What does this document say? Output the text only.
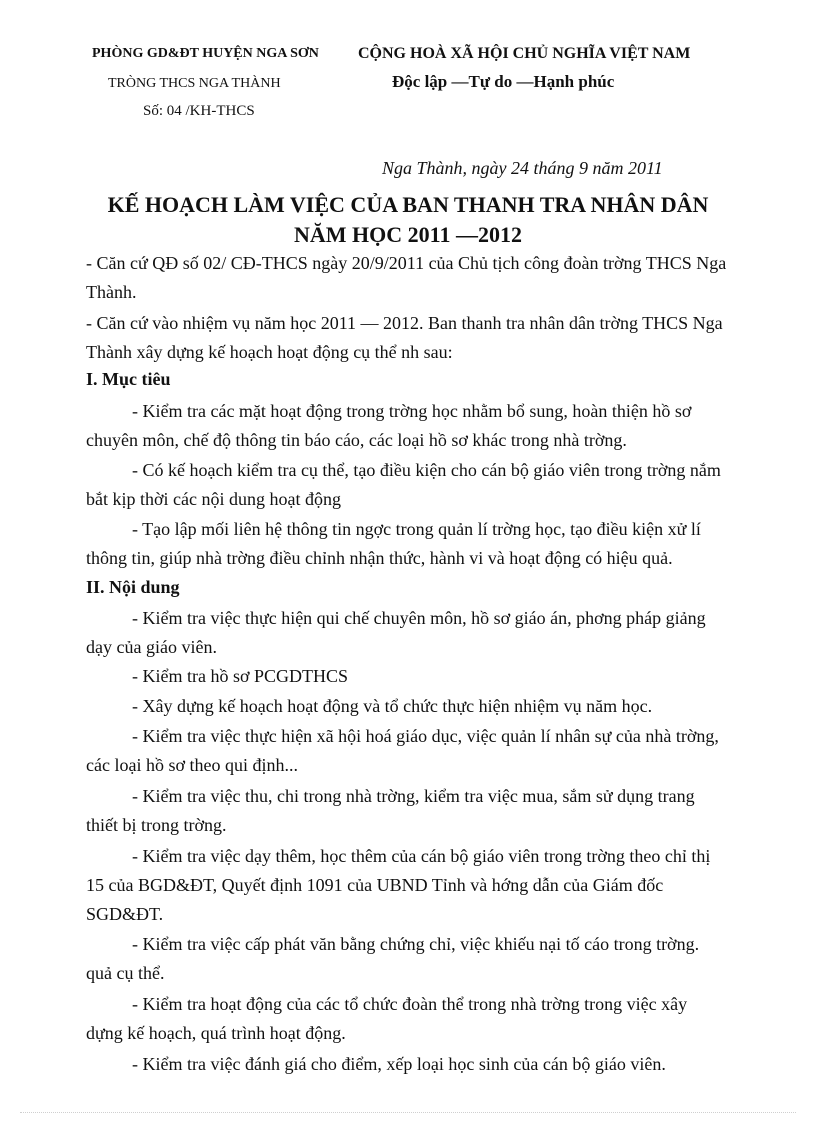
PHÒNG GD&ĐT HUYỆN NGA SƠN
TRÒNG THCS NGA THÀNH
Số: 04 /KH-THCS
CỘNG HOÀ XÃ HỘI CHỦ NGHĨA VIỆT NAM
Độc lập —Tự do —Hạnh phúc
Nga Thành, ngày 24 tháng 9 năm 2011
KẾ HOẠCH LÀM VIỆC CỦA BAN THANH TRA NHÂN DÂN
NĂM HỌC 2011 —2012
- Căn cứ QĐ số 02/ CĐ-THCS ngày 20/9/2011 của Chủ tịch công đoàn trờng THCS Nga
Thành.
- Căn cứ vào nhiệm vụ năm học 2011 — 2012. Ban thanh tra nhân dân trờng THCS Nga
Thành xây dựng kế hoạch hoạt động cụ thể nh sau:
I. Mục tiêu
- Kiểm tra các mặt hoạt động trong trờng học nhằm bổ sung, hoàn thiện hồ sơ
chuyên môn, chế độ thông tin báo cáo, các loại hồ sơ khác trong nhà trờng.
- Có kế hoạch kiểm tra cụ thể, tạo điều kiện cho cán bộ giáo viên trong trờng nắm
bắt kịp thời các nội dung hoạt động
- Tạo lập mối liên hệ thông tin ngợc trong quản lí trờng học, tạo điều kiện xử lí
thông tin, giúp nhà trờng điều chỉnh nhận thức, hành vi và hoạt động có hiệu quả.
II. Nội dung
- Kiểm tra việc thực hiện qui chế chuyên môn, hồ sơ giáo án, phơng pháp giảng
dạy của giáo viên.
- Kiểm tra hồ sơ PCGDTHCS
- Xây dựng kế hoạch hoạt động và tổ chức thực hiện nhiệm vụ năm học.
- Kiểm tra việc thực hiện xã hội hoá giáo dục, việc quản lí nhân sự của nhà trờng,
các loại hồ sơ theo qui định...
- Kiểm tra việc thu, chi trong nhà trờng, kiểm tra việc mua, sắm sử dụng trang
thiết bị trong trờng.
- Kiểm tra việc dạy thêm, học thêm của cán bộ giáo viên trong trờng theo chỉ thị
15 của BGD&ĐT, Quyết định 1091 của UBND Tỉnh và hớng dẫn của Giám đốc
SGD&ĐT.
- Kiểm tra việc cấp phát văn bằng chứng chỉ, việc khiếu nại tố cáo trong trờng.
quả cụ thể.
- Kiểm tra hoạt động của các tổ chức đoàn thể trong nhà trờng trong việc xây
dựng kế hoạch, quá trình hoạt động.
- Kiểm tra việc đánh giá cho điểm, xếp loại học sinh của cán bộ giáo viên.
